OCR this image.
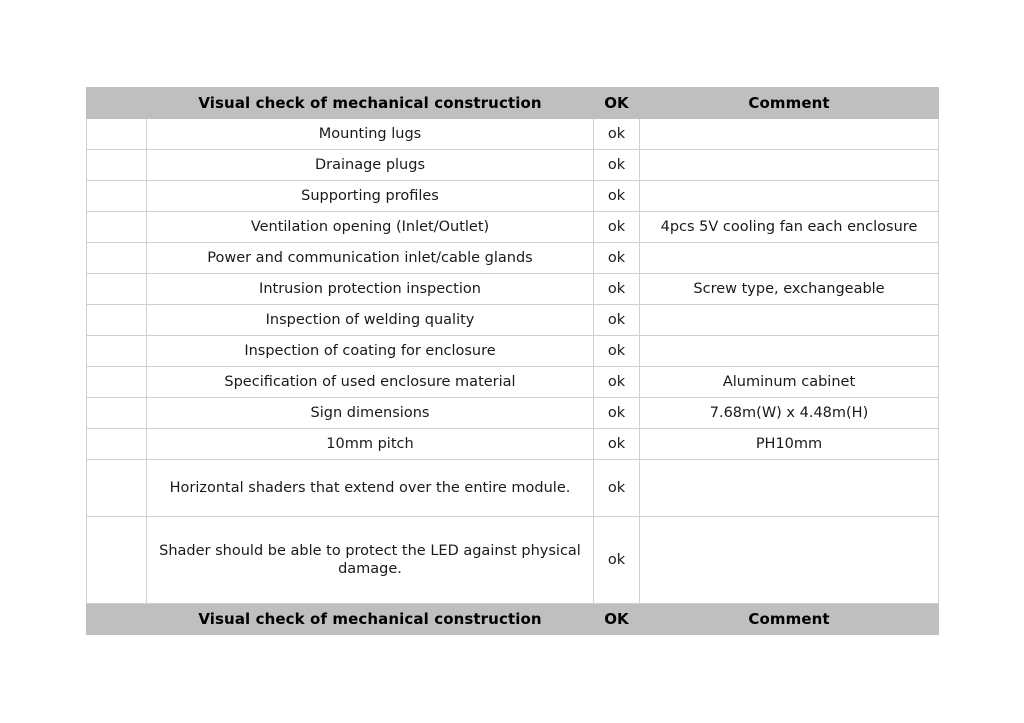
	Visual check of mechanical construction	OK	Comment
	Mounting lugs	ok	
	Drainage plugs	ok	
	Supporting profiles	ok	
	Ventilation opening (Inlet/Outlet)	ok	4pcs 5V cooling fan each enclosure
	Power and communication inlet/cable glands	ok	
	Intrusion protection inspection	ok	Screw type, exchangeable
	Inspection of welding quality	ok	
	Inspection of coating for enclosure	ok	
	Specification of used enclosure material	ok	Aluminum cabinet
	Sign dimensions	ok	7.68m(W) x 4.48m(H)
	10mm pitch	ok	PH10mm
	Horizontal shaders that extend over the entire module.	ok	
	Shader should be able to protect the LED against physical damage.	ok	
	Visual check of mechanical construction	OK	Comment
